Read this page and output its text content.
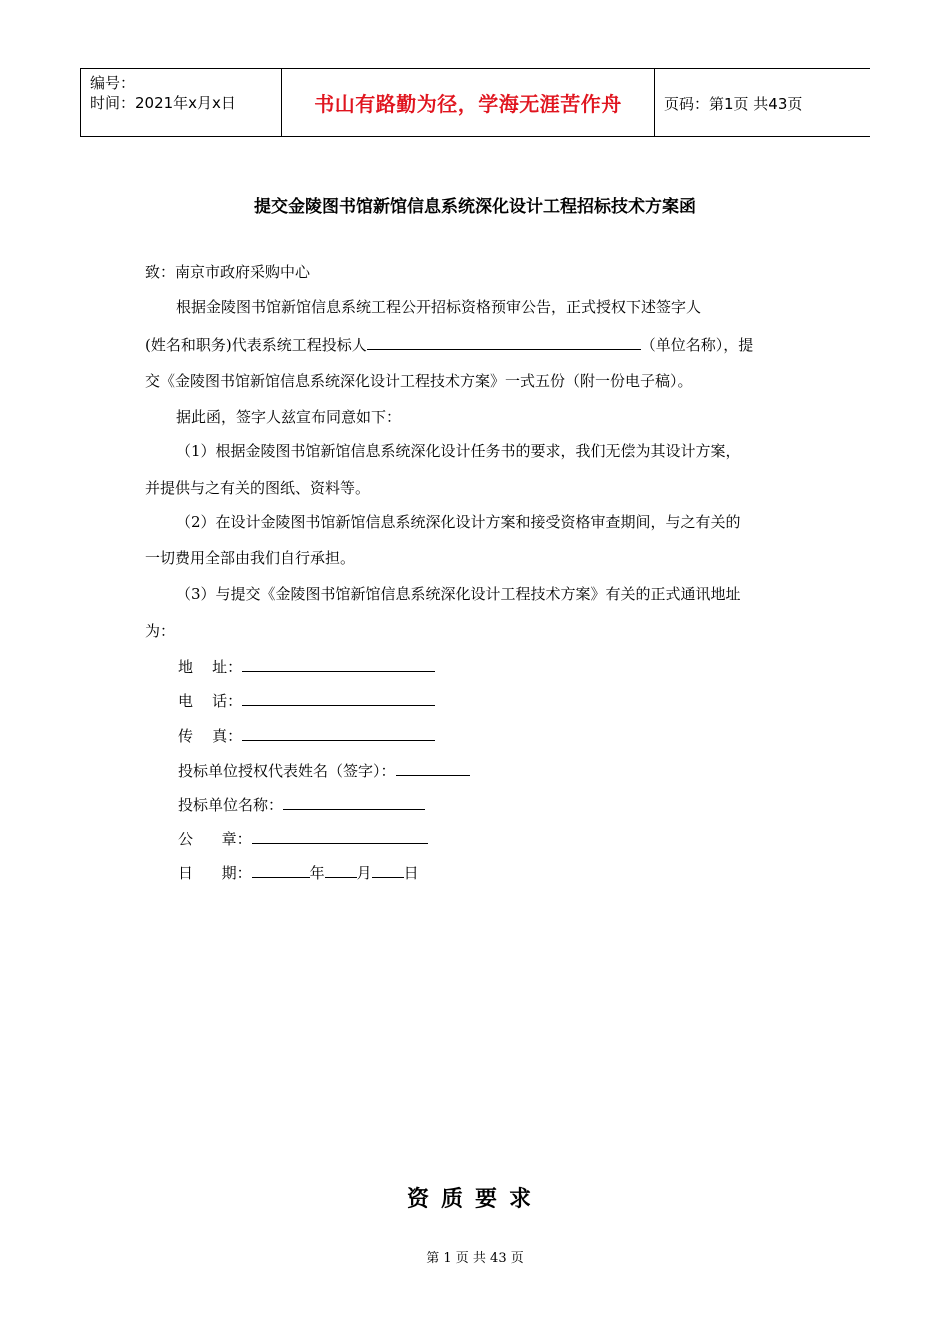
编号：
时间：2021年x月x日	书山有路勤为径，学海无涯苦作舟	页码：第1页 共43页
提交金陵图书馆新馆信息系统深化设计工程招标技术方案函
致：南京市政府采购中心
根据金陵图书馆新馆信息系统工程公开招标资格预审公告，正式授权下述签字人
(姓名和职务)代表系统工程投标人	（单位名称），提
交《金陵图书馆新馆信息系统深化设计工程技术方案》一式五份（附一份电子稿）。
据此函，签字人兹宣布同意如下：
（1）根据金陵图书馆新馆信息系统深化设计任务书的要求，我们无偿为其设计方案，
并提供与之有关的图纸、资料等。
（2）在设计金陵图书馆新馆信息系统深化设计方案和接受资格审查期间，与之有关的
一切费用全部由我们自行承担。
（3）与提交《金陵图书馆新馆信息系统深化设计工程技术方案》有关的正式通讯地址
为：
地    址：
电    话：
传    真：
投标单位授权代表姓名（签字）：
投标单位名称：
公      章：
日      期：	年 月 日
资质要求
第 1 页 共 43 页
